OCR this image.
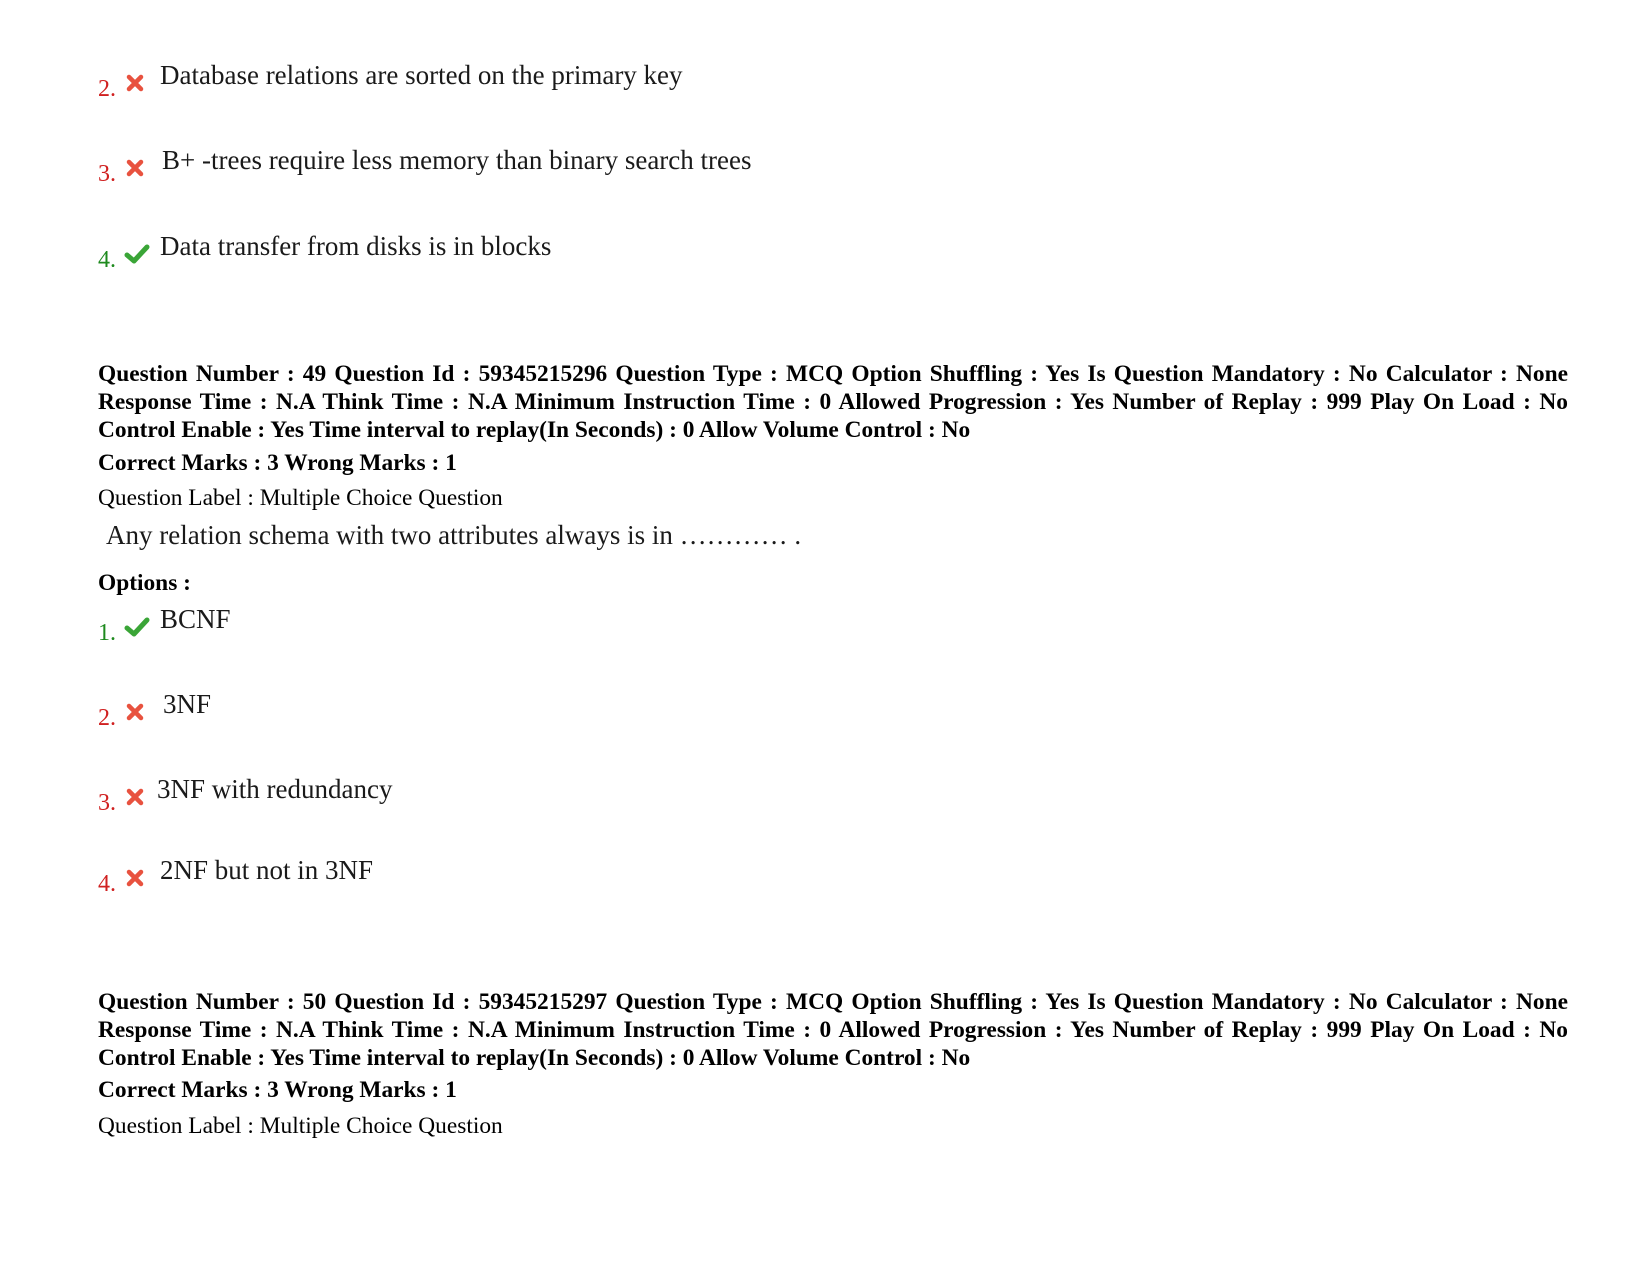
2. Database relations are sorted on the primary key
3. B+ -trees require less memory than binary search trees
4. Data transfer from disks is in blocks

Question Number : 49 Question Id : 59345215296 Question Type : MCQ Option Shuffling : Yes Is Question Mandatory : No Calculator : None Response Time : N.A Think Time : N.A Minimum Instruction Time : 0 Allowed Progression : Yes Number of Replay : 999 Play On Load : No Control Enable : Yes Time interval to replay(In Seconds) : 0 Allow Volume Control : No

Correct Marks : 3 Wrong Marks : 1

Question Label : Multiple Choice Question

Any relation schema with two attributes always is in ………… .

Options :

1. BCNF
2. 3NF
3. 3NF with redundancy
4. 2NF but not in 3NF

Question Number : 50 Question Id : 59345215297 Question Type : MCQ Option Shuffling : Yes Is Question Mandatory : No Calculator : None Response Time : N.A Think Time : N.A Minimum Instruction Time : 0 Allowed Progression : Yes Number of Replay : 999 Play On Load : No Control Enable : Yes Time interval to replay(In Seconds) : 0 Allow Volume Control : No

Correct Marks : 3 Wrong Marks : 1

Question Label : Multiple Choice Question
